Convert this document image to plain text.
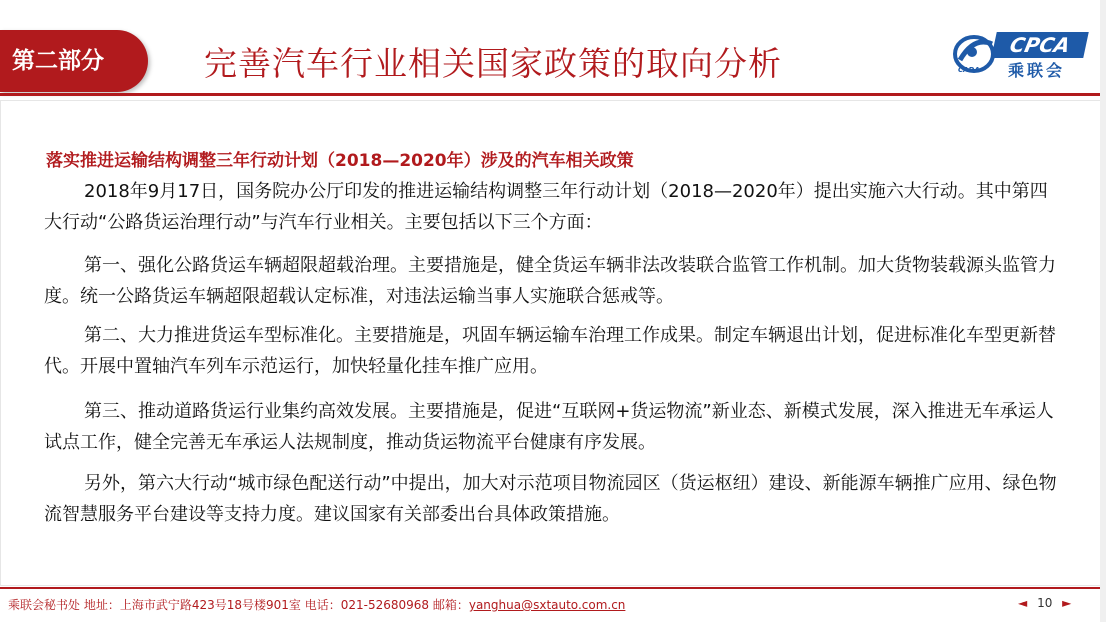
第二部分	完善汽车行业相关国家政策的取向分析	CPCA
乘联会
CADA
落实推进运输结构调整三年行动计划（2018—2020年）涉及的汽车相关政策
2018年9月17日，国务院办公厅印发的推进运输结构调整三年行动计划（2018—2020年）提出实施六大行动。其中第四大行动“公路货运治理行动”与汽车行业相关。主要包括以下三个方面：
第一、强化公路货运车辆超限超载治理。主要措施是，健全货运车辆非法改装联合监管工作机制。加大货物装载源头监管力度。统一公路货运车辆超限超载认定标准，对违法运输当事人实施联合惩戒等。
第二、大力推进货运车型标准化。主要措施是，巩固车辆运输车治理工作成果。制定车辆退出计划，促进标准化车型更新替代。开展中置轴汽车列车示范运行，加快轻量化挂车推广应用。
第三、推动道路货运行业集约高效发展。主要措施是，促进“互联网+货运物流”新业态、新模式发展，深入推进无车承运人试点工作，健全完善无车承运人法规制度，推动货运物流平台健康有序发展。
另外，第六大行动“城市绿色配送行动”中提出，加大对示范项目物流园区（货运枢纽）建设、新能源车辆推广应用、绿色物流智慧服务平台建设等支持力度。建议国家有关部委出台具体政策措施。
乘联会秘书处 地址：上海市武宁路423号18号楼901室 电话：021-52680968 邮箱：yanghua@sxtauto.com.cn	◄ 10 ►
